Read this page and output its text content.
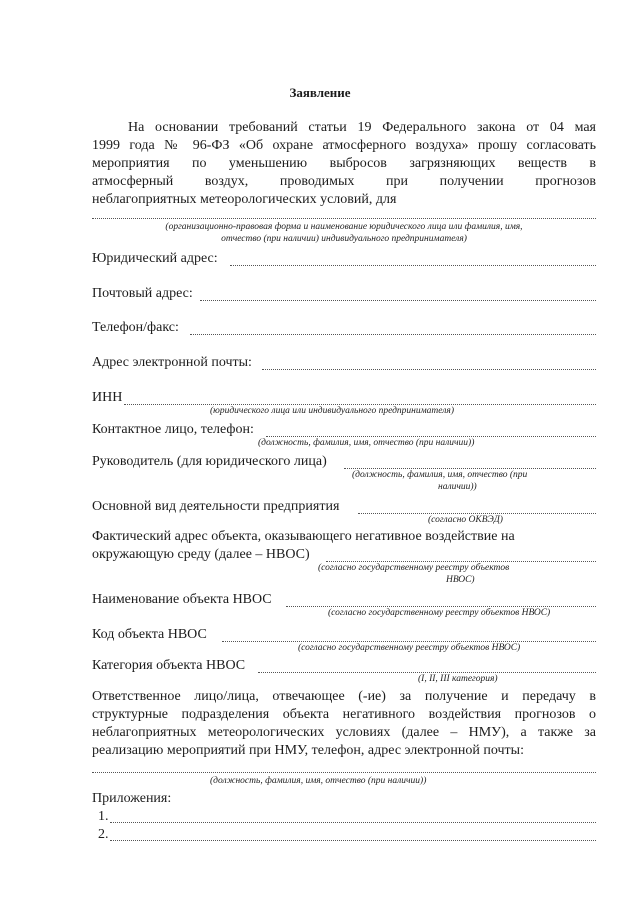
Заявление
На основании требований статьи 19 Федерального закона от 04 мая
1999 года № 96-ФЗ «Об охране атмосферного воздуха» прошу согласовать
мероприятия по уменьшению выбросов загрязняющих веществ в
атмосферный воздух, проводимых при получении прогнозов
неблагоприятных метеорологических условий, для
(организационно-правовая форма и наименование юридического лица или фамилия, имя,
отчество (при наличии) индивидуального предпринимателя)
Юридический адрес:
Почтовый адрес:
Телефон/факс:
Адрес электронной почты:
ИНН
(юридического лица или индивидуального предпринимателя)
Контактное лицо, телефон:
(должность, фамилия, имя, отчество (при наличии))
Руководитель (для юридического лица)
(должность, фамилия, имя, отчество (при
наличии))
Основной вид деятельности предприятия
(согласно ОКВЭД)
Фактический адрес объекта, оказывающего негативное воздействие на
окружающую среду (далее – НВОС)
(согласно государственному реестру объектов
НВОС)
Наименование объекта НВОС
(согласно государственному реестру объектов НВОС)
Код объекта НВОС
(согласно государственному реестру объектов НВОС)
Категория объекта НВОС
(I, II, III категория)
Ответственное лицо/лица, отвечающее (-ие) за получение и передачу в
структурные подразделения объекта негативного воздействия прогнозов о
неблагоприятных метеорологических условиях (далее – НМУ), а также за
реализацию мероприятий при НМУ, телефон, адрес электронной почты:
(должность, фамилия, имя, отчество (при наличии))
Приложения:
1.
2.
